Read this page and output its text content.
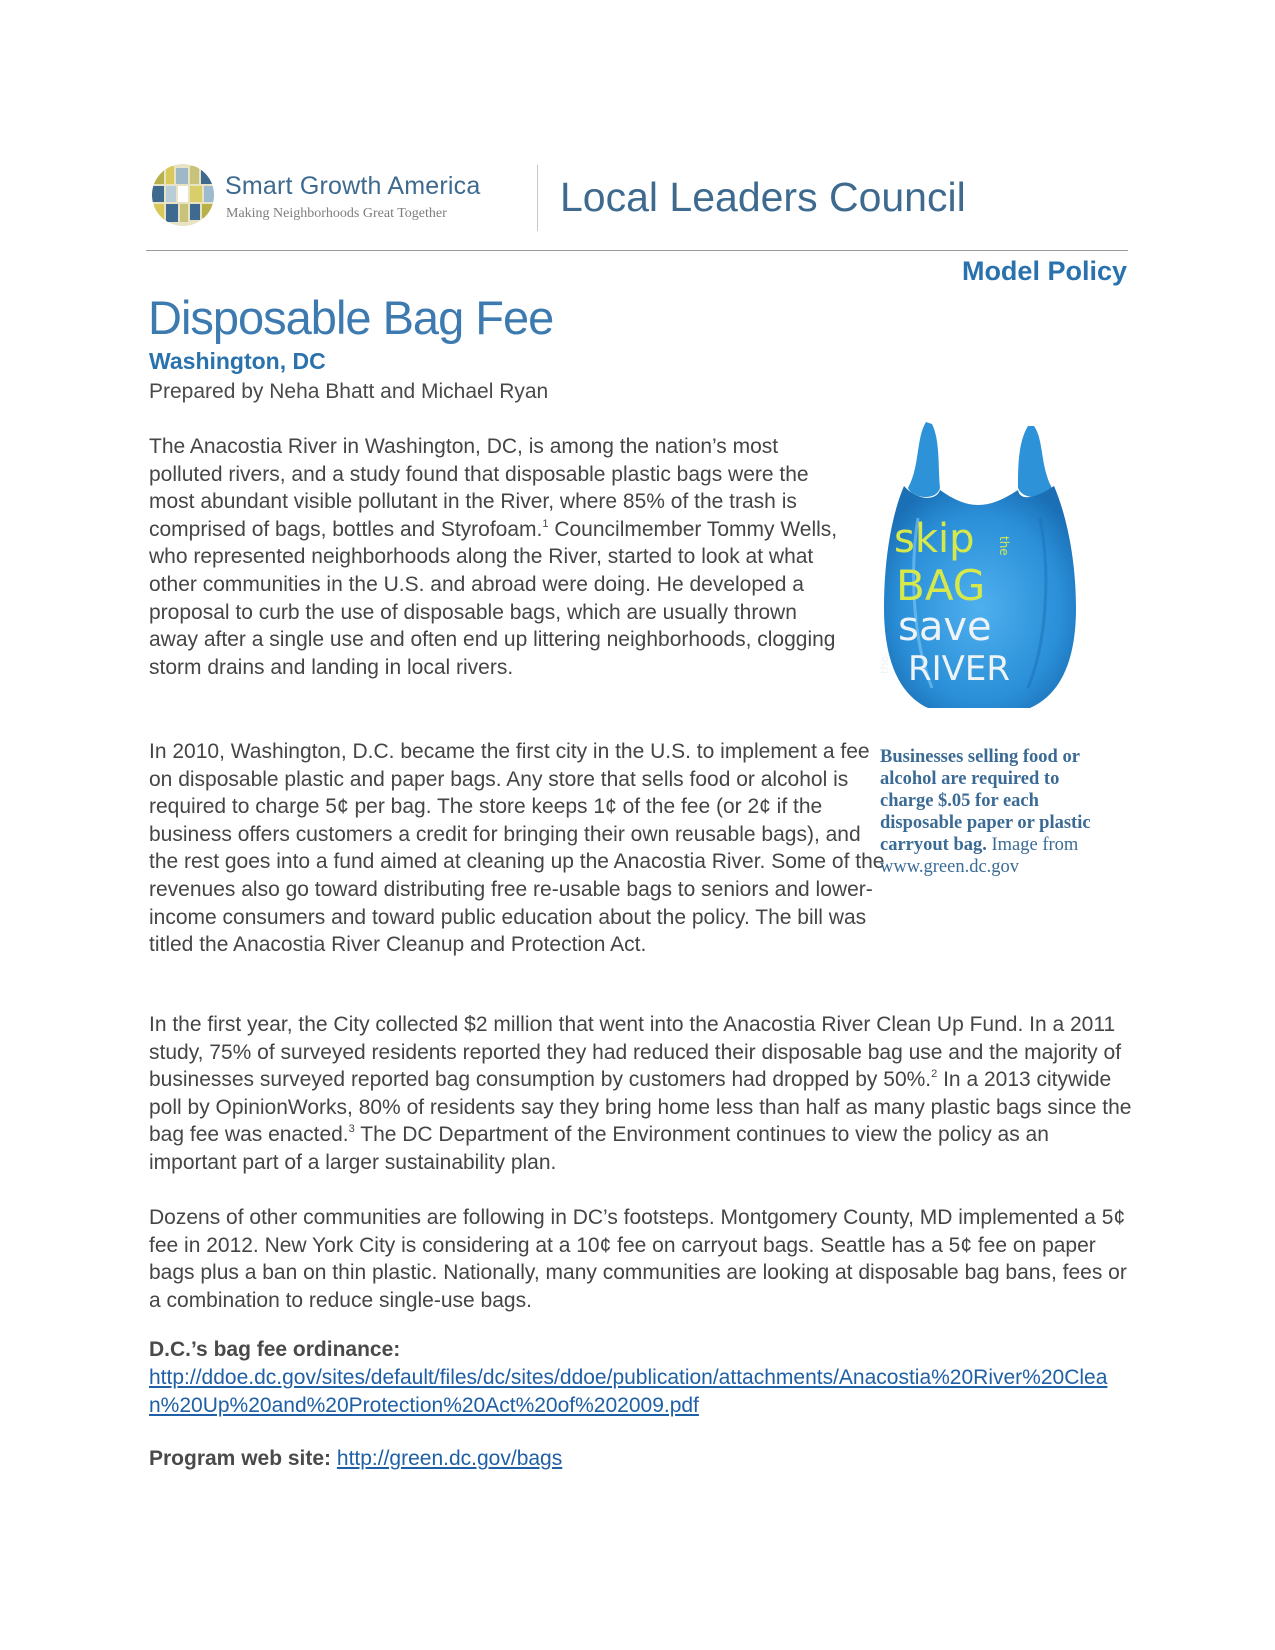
Smart Growth America
Making Neighborhoods Great Together	Local Leaders Council
Model Policy
Disposable Bag Fee
Washington, DC
Prepared by Neha Bhatt and Michael Ryan

The Anacostia River in Washington, DC, is among the nation’s most polluted rivers, and a study found that disposable plastic bags were the most abundant visible pollutant in the River, where 85% of the trash is comprised of bags, bottles and Styrofoam.$^1$ Councilmember Tommy Wells, who represented neighborhoods along the River, started to look at what other communities in the U.S. and abroad were doing. He developed a proposal to curb the use of disposable bags, which are usually thrown away after a single use and often end up littering neighborhoods, clogging storm drains and landing in local rivers.

skip the
BAG
save
the RIVER
Businesses selling food or alcohol are required to charge $.05 for each disposable paper or plastic carryout bag. Image from www.green.dc.gov

In 2010, Washington, D.C. became the first city in the U.S. to implement a fee on disposable plastic and paper bags. Any store that sells food or alcohol is required to charge 5¢ per bag. The store keeps 1¢ of the fee (or 2¢ if the business offers customers a credit for bringing their own reusable bags), and the rest goes into a fund aimed at cleaning up the Anacostia River. Some of the revenues also go toward distributing free re-usable bags to seniors and lower-income consumers and toward public education about the policy. The bill was titled the Anacostia River Cleanup and Protection Act.

In the first year, the City collected $2 million that went into the Anacostia River Clean Up Fund. In a 2011 study, 75% of surveyed residents reported they had reduced their disposable bag use and the majority of businesses surveyed reported bag consumption by customers had dropped by 50%.$^2$ In a 2013 citywide poll by OpinionWorks, 80% of residents say they bring home less than half as many plastic bags since the bag fee was enacted.$^3$ The DC Department of the Environment continues to view the policy as an important part of a larger sustainability plan.

Dozens of other communities are following in DC’s footsteps. Montgomery County, MD implemented a 5¢ fee in 2012. New York City is considering at a 10¢ fee on carryout bags. Seattle has a 5¢ fee on paper bags plus a ban on thin plastic. Nationally, many communities are looking at disposable bag bans, fees or a combination to reduce single-use bags.

D.C.’s bag fee ordinance:
http://ddoe.dc.gov/sites/default/files/dc/sites/ddoe/publication/attachments/Anacostia%20River%20Clean%20Up%20and%20Protection%20Act%20of%202009.pdf
Program web site: http://green.dc.gov/bags
